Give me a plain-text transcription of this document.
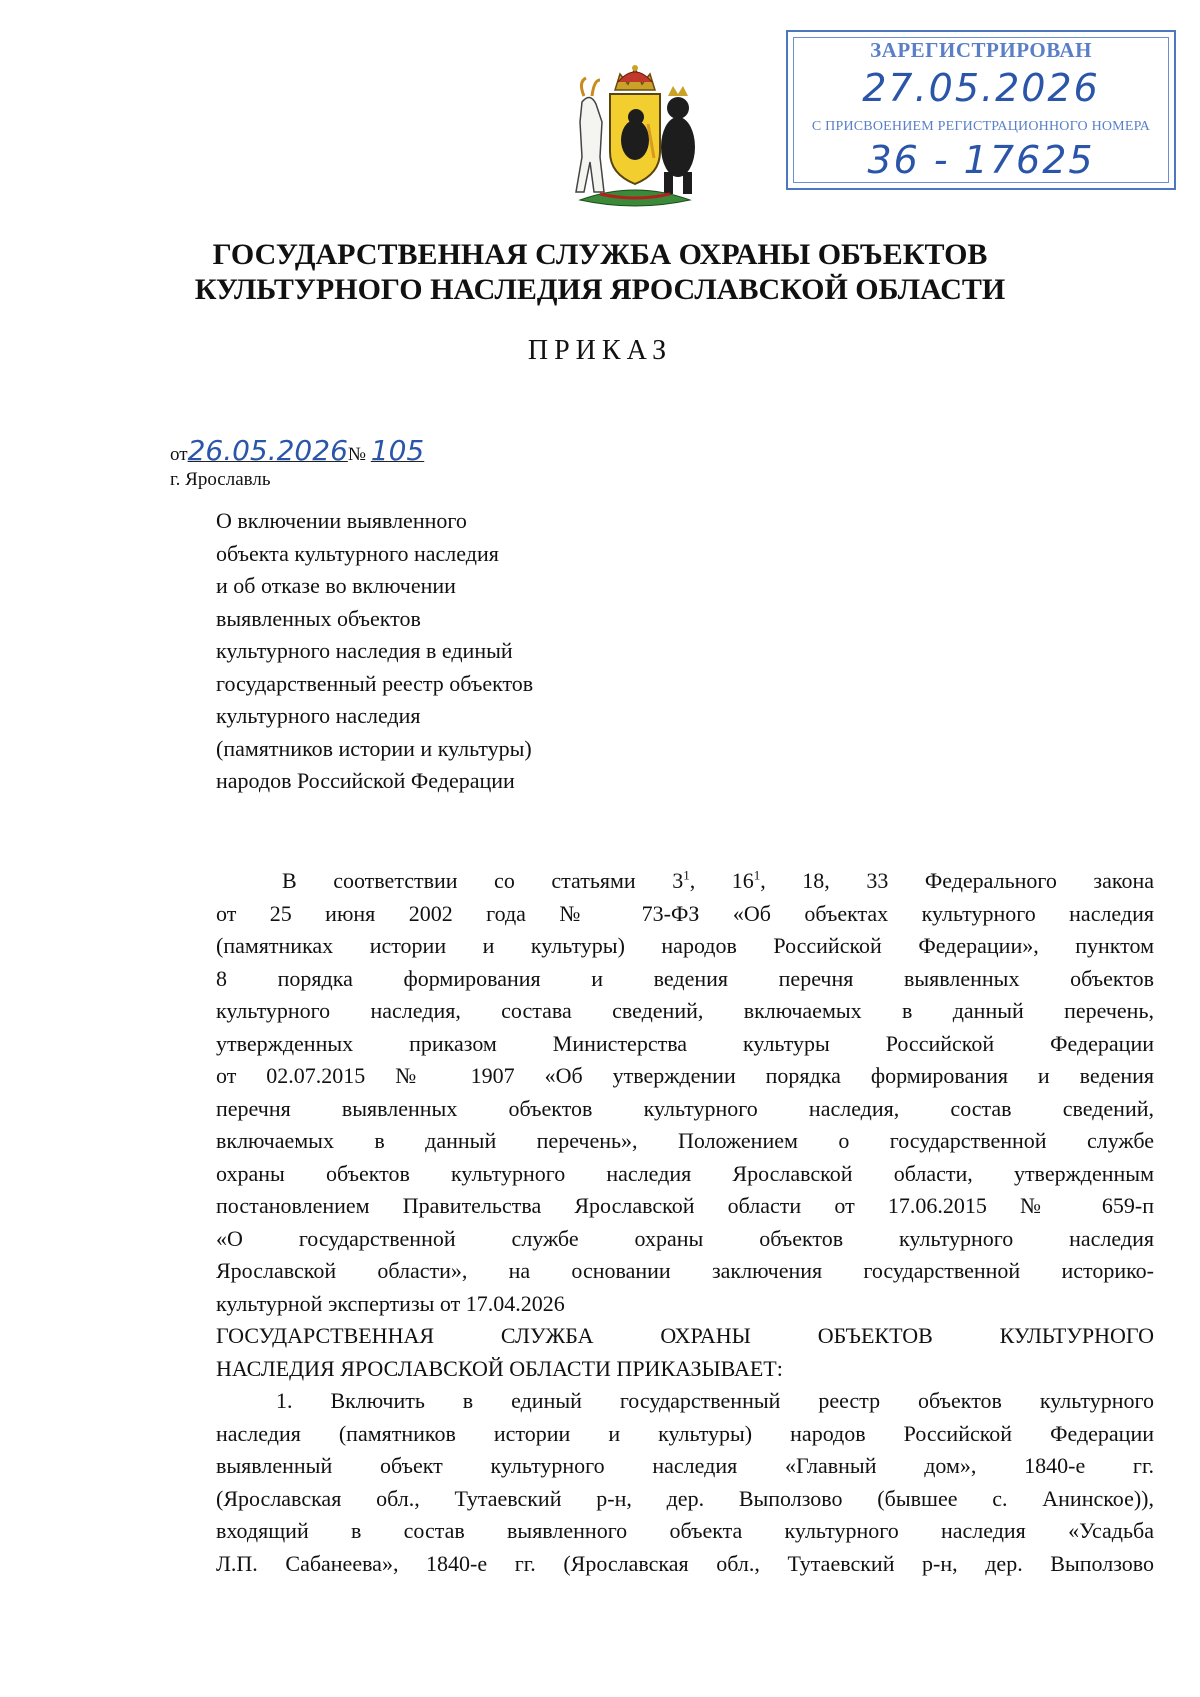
ЗАРЕГИСТРИРОВАН
27.05.2026
С ПРИСВОЕНИЕМ РЕГИСТРАЦИОННОГО НОМЕРА
36 - 17625
ГОСУДАРСТВЕННАЯ СЛУЖБА ОХРАНЫ ОБЪЕКТОВ
КУЛЬТУРНОГО НАСЛЕДИЯ ЯРОСЛАВСКОЙ ОБЛАСТИ
ПРИКАЗ
от26.05.2026№ 105
г. Ярославль
О включении выявленного
объекта культурного наследия
и об отказе во включении
выявленных объектов
культурного наследия в единый
государственный реестр объектов
культурного наследия
(памятников истории и культуры)
народов Российской Федерации
В соответствии со статьями $3^1$, $16^1$, 18, 33 Федерального закона
от 25 июня 2002 года № 73-ФЗ «Об объектах культурного наследия
(памятниках истории и культуры) народов Российской Федерации», пунктом
8 порядка формирования и ведения перечня выявленных объектов
культурного наследия, состава сведений, включаемых в данный перечень,
утвержденных приказом Министерства культуры Российской Федерации
от 02.07.2015 № 1907 «Об утверждении порядка формирования и ведения
перечня выявленных объектов культурного наследия, состав сведений,
включаемых в данный перечень», Положением о государственной службе
охраны объектов культурного наследия Ярославской области, утвержденным
постановлением Правительства Ярославской области от 17.06.2015 № 659-п
«О государственной службе охраны объектов культурного наследия
Ярославской области», на основании заключения государственной историко-
культурной экспертизы от 17.04.2026
ГОСУДАРСТВЕННАЯ СЛУЖБА ОХРАНЫ ОБЪЕКТОВ КУЛЬТУРНОГО
НАСЛЕДИЯ ЯРОСЛАВСКОЙ ОБЛАСТИ ПРИКАЗЫВАЕТ:
1. Включить в единый государственный реестр объектов культурного
наследия (памятников истории и культуры) народов Российской Федерации
выявленный объект культурного наследия «Главный дом», 1840-е гг.
(Ярославская обл., Тутаевский р-н, дер. Выползово (бывшее с. Анинское)),
входящий в состав выявленного объекта культурного наследия «Усадьба
Л.П. Сабанеева», 1840-е гг. (Ярославская обл., Тутаевский р-н, дер. Выползово
